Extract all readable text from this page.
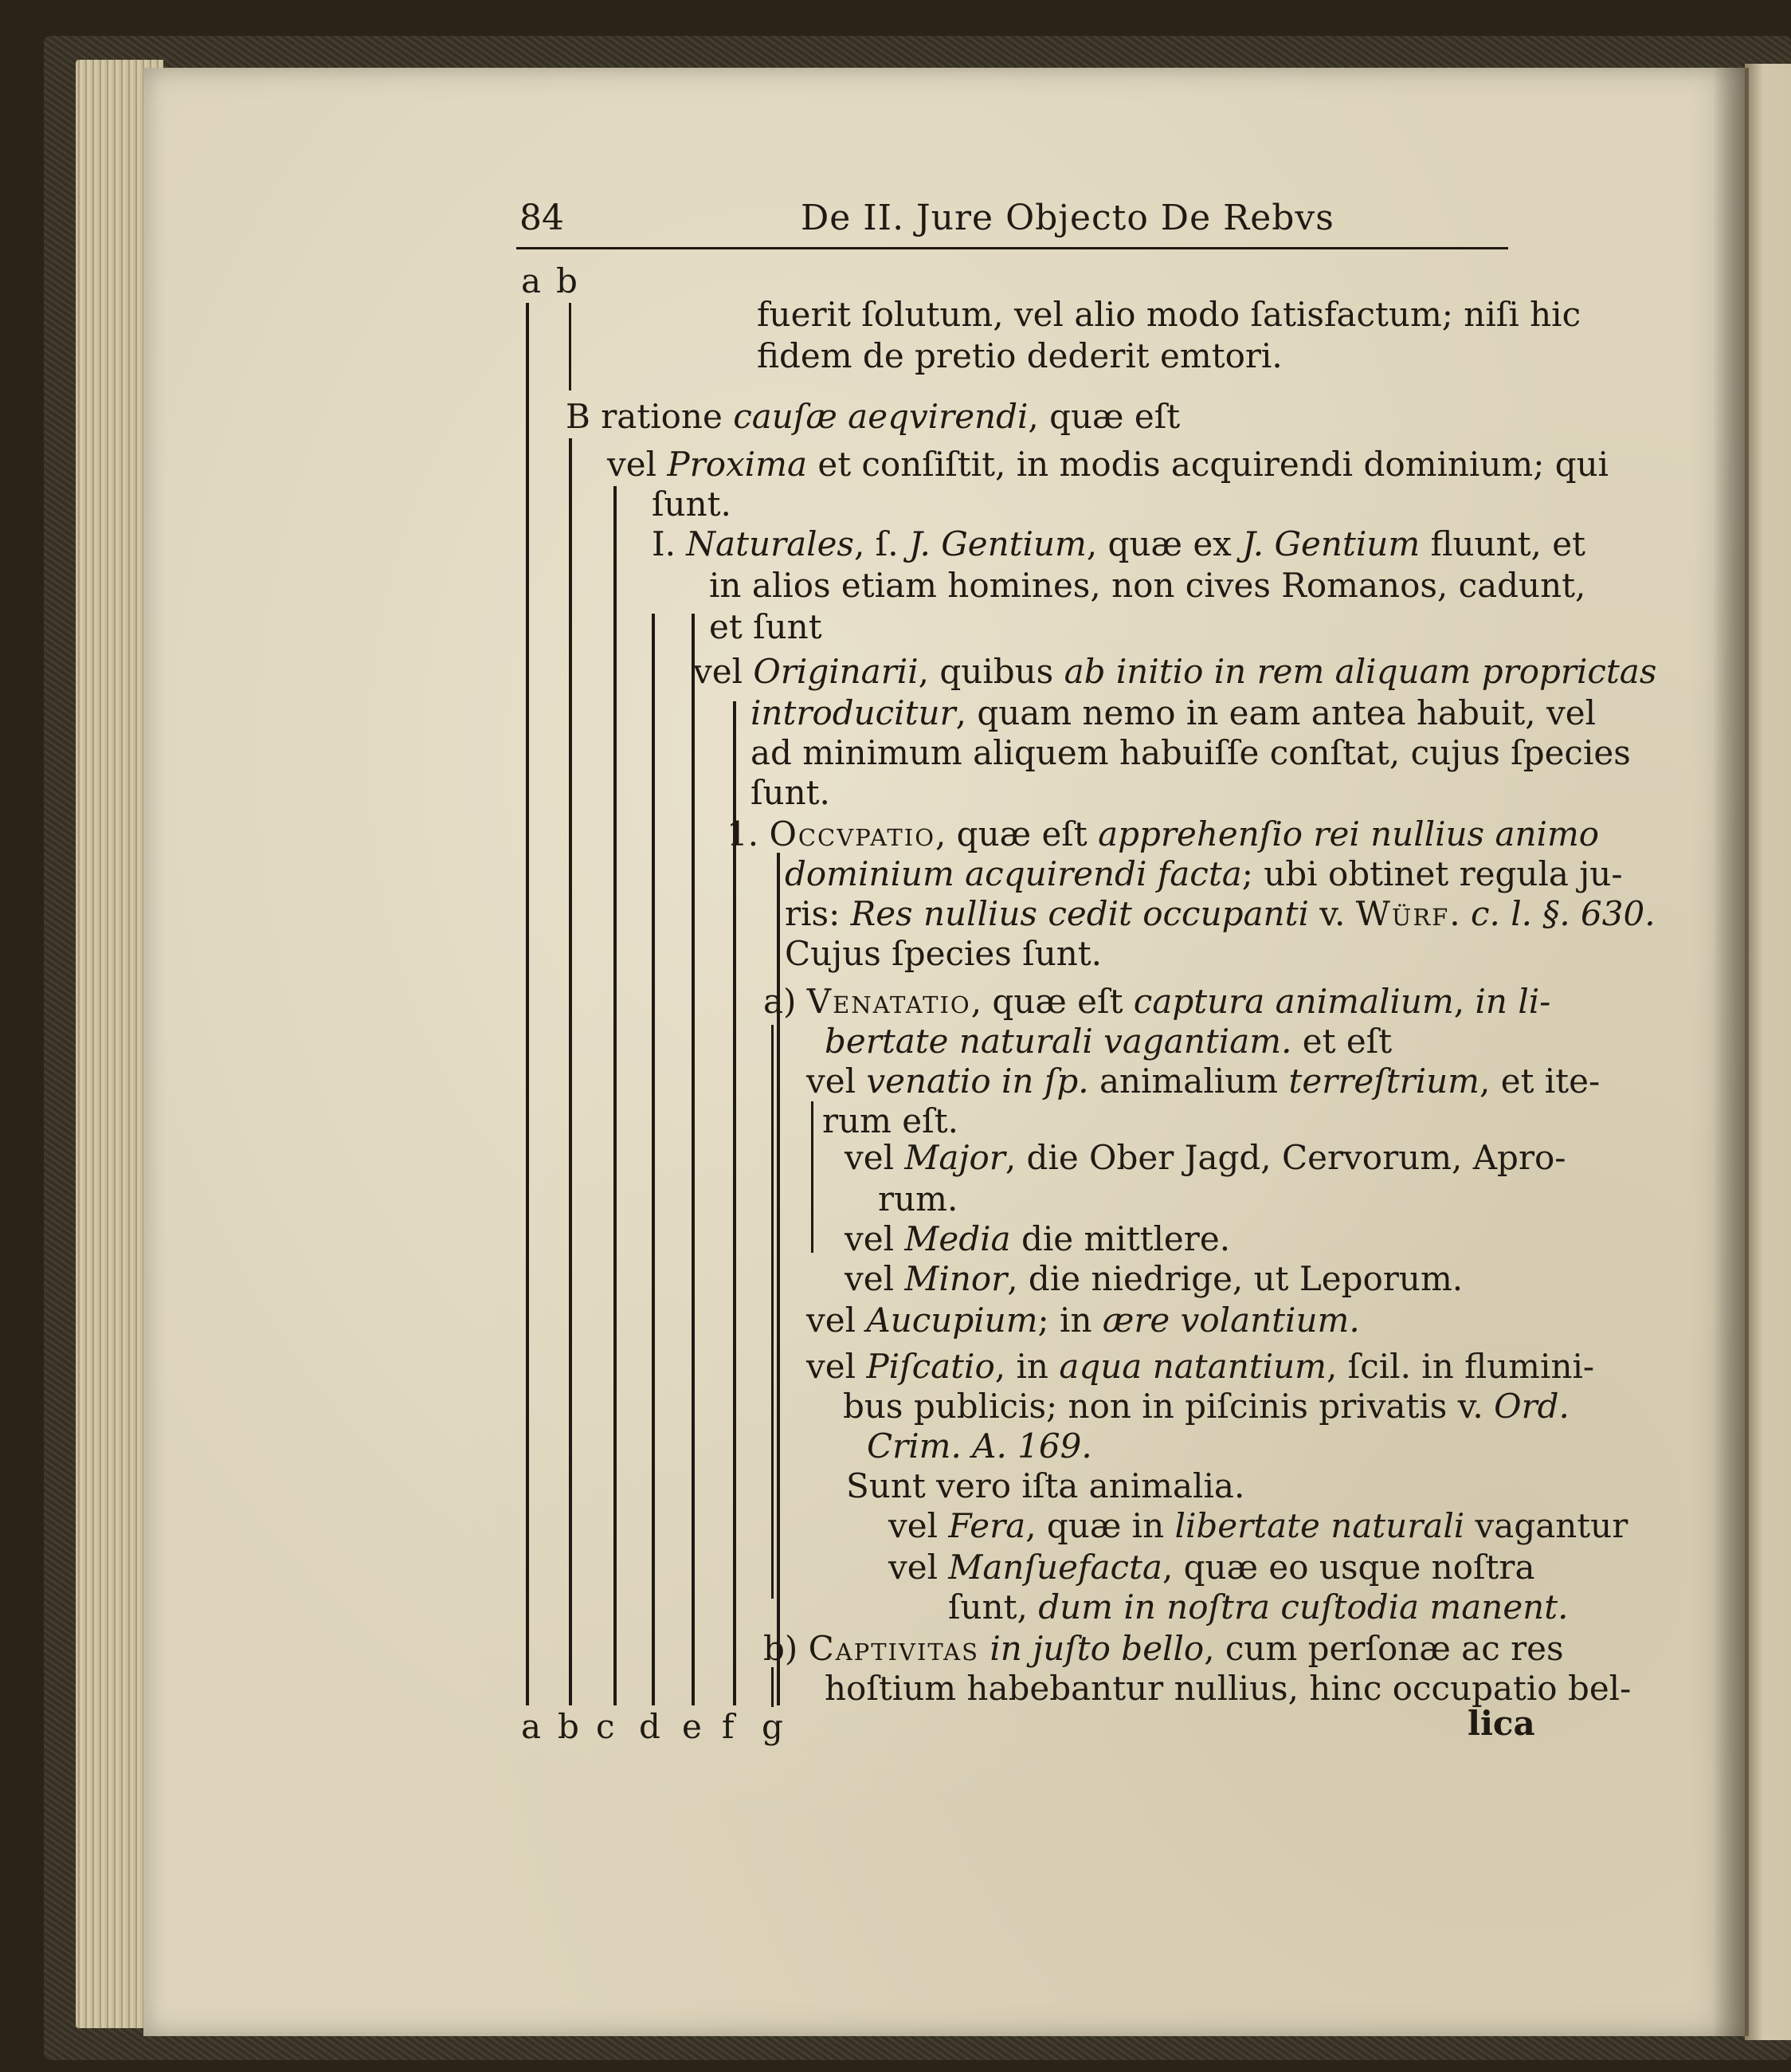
84	De II. Jure Objecto De Rebvs
a b
fuerit ſolutum, vel alio modo ſatisfactum; niſi hic
fidem de pretio dederit emtori.
B ratione cauſæ aeqvirendi, quæ eſt
vel Proxima et conſiſtit, in modis acquirendi dominium; qui
ſunt.
I. Naturales, ſ. J. Gentium, quæ ex J. Gentium fluunt, et
in alios etiam homines, non cives Romanos, cadunt,
et ſunt
vel Originarii, quibus ab initio in rem aliquam proprictas
introducitur, quam nemo in eam antea habuit, vel
ad minimum aliquem habuiſſe conſtat, cujus ſpecies
ſunt.
1. Occvpatio, quæ eſt apprehenſio rei nullius animo
dominium acquirendi facta; ubi obtinet regula ju-
ris: Res nullius cedit occupanti v. Würf. c. l. §. 630.
Cujus ſpecies ſunt.
a) Venatatio, quæ eſt captura animalium, in li-
bertate naturali vagantiam. et eſt
vel venatio in ſp. animalium terreſtrium, et ite-
rum eſt.
vel Major, die Ober Jagd, Cervorum, Apro-
rum.
vel Media die mittlere.
vel Minor, die niedrige, ut Leporum.
vel Aucupium; in ære volantium.
vel Piſcatio, in aqua natantium, ſcil. in flumini-
bus publicis; non in piſcinis privatis v. Ord.
Crim. A. 169.
Sunt vero iſta animalia.
vel Fera, quæ in libertate naturali vagantur
vel Manſuefacta, quæ eo usque noſtra
ſunt, dum in noſtra cuſtodia manent.
b) Captivitas in juſto bello, cum perſonæ ac res
hoſtium habebantur nullius, hinc occupatio bel-
a b c d e f g	lica
